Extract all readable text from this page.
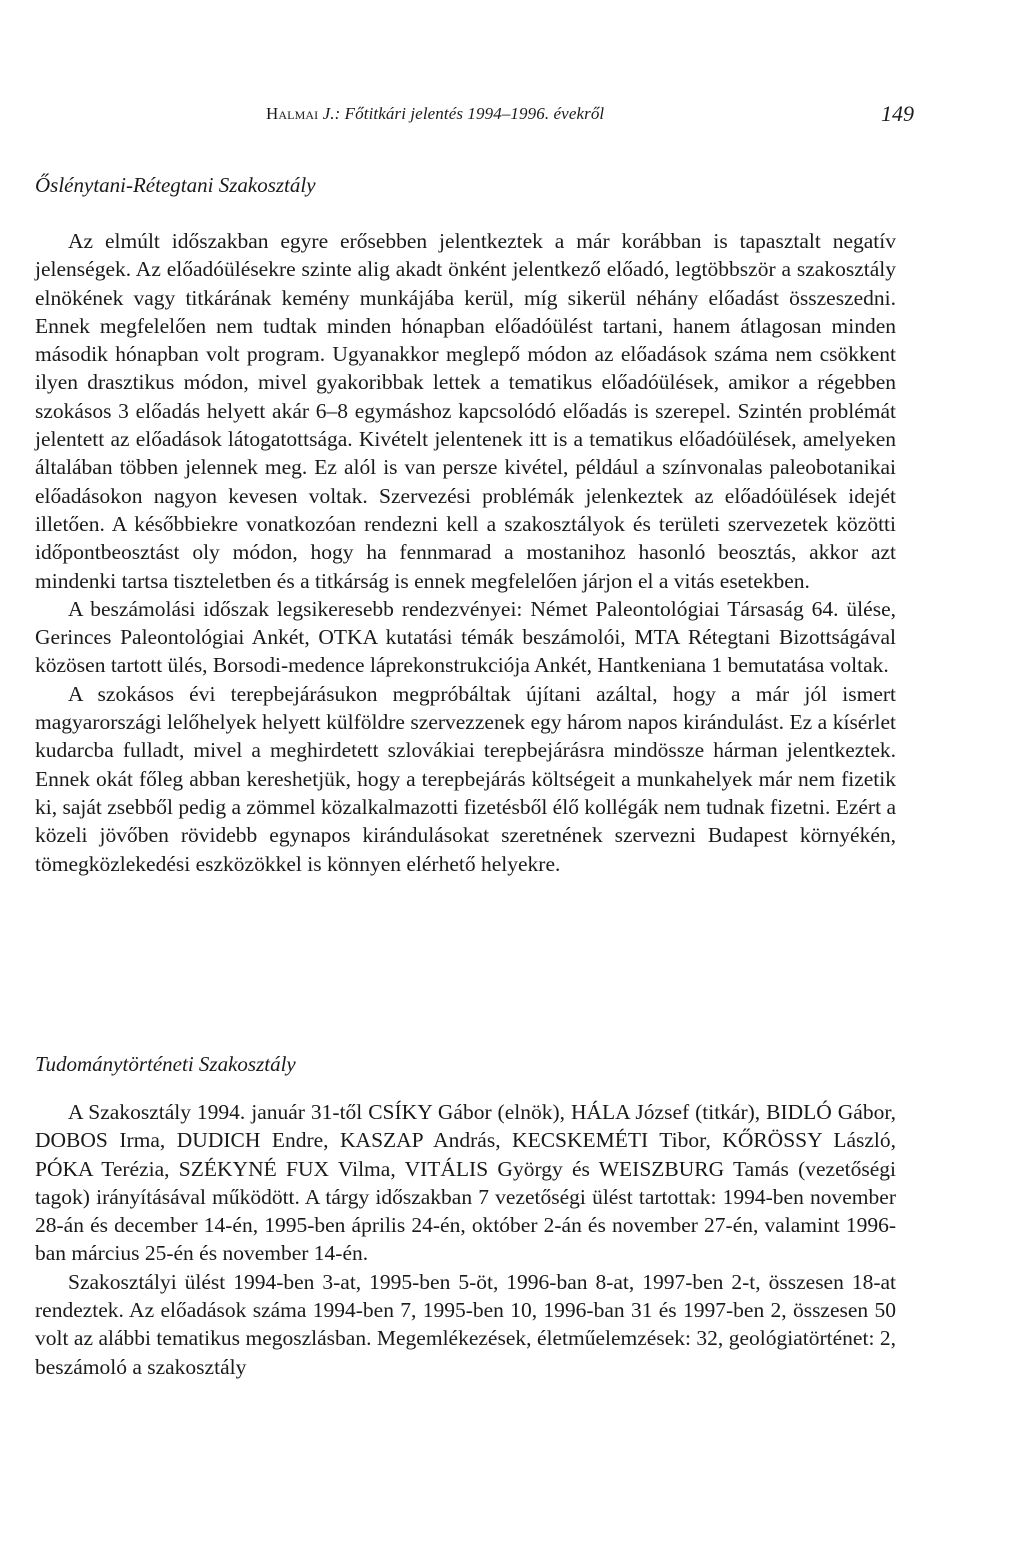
Halmai J.: Főtitkári jelentés 1994–1996. évekről	149
Őslénytani-Rétegtani Szakosztály

Az elmúlt időszakban egyre erősebben jelentkeztek a már korábban is tapasztalt negatív jelenségek. Az előadóülésekre szinte alig akadt önként jelentkező előadó, legtöbbször a szakosztály elnökének vagy titkárának kemény munkájába kerül, míg sikerül néhány előadást összeszedni. Ennek megfelelően nem tudtak minden hónapban előadóülést tartani, hanem átlagosan minden második hónapban volt program. Ugyanakkor meglepő módon az előadások száma nem csökkent ilyen drasztikus módon, mivel gyakoribbak lettek a tematikus előadóülések, amikor a régebben szokásos 3 előadás helyett akár 6–8 egymáshoz kapcsolódó előadás is szerepel. Szintén problémát jelentett az előadások látogatottsága. Kivételt jelentenek itt is a tematikus előadóülések, amelyeken általában többen jelennek meg. Ez alól is van persze kivétel, például a színvonalas paleobotanikai előadásokon nagyon kevesen voltak. Szervezési problémák jelenkeztek az előadóülések idejét illetően. A későbbiekre vonatkozóan rendezni kell a szakosztályok és területi szervezetek közötti időpontbeosztást oly módon, hogy ha fennmarad a mostanihoz hasonló beosztás, akkor azt mindenki tartsa tiszteletben és a titkárság is ennek megfelelően járjon el a vitás esetekben.

A beszámolási időszak legsikeresebb rendezvényei: Német Paleontológiai Társaság 64. ülése, Gerinces Paleontológiai Ankét, OTKA kutatási témák beszámolói, MTA Rétegtani Bizottságával közösen tartott ülés, Borsodi-medence láprekonstrukciója Ankét, Hantkeniana 1 bemutatása voltak.

A szokásos évi terepbejárásukon megpróbáltak újítani azáltal, hogy a már jól ismert magyarországi lelőhelyek helyett külföldre szervezzenek egy három napos kirándulást. Ez a kísérlet kudarcba fulladt, mivel a meghirdetett szlovákiai terepbejárásra mindössze hárman jelentkeztek. Ennek okát főleg abban kereshetjük, hogy a terepbejárás költségeit a munkahelyek már nem fizetik ki, saját zsebből pedig a zömmel közalkalmazotti fizetésből élő kollégák nem tudnak fizetni. Ezért a közeli jövőben rövidebb egynapos kirándulásokat szeretnének szervezni Budapest környékén, tömegközlekedési eszközökkel is könnyen elérhető helyekre.

Tudománytörténeti Szakosztály

A Szakosztály 1994. január 31-től CSÍKY Gábor (elnök), HÁLA József (titkár), BIDLÓ Gábor, DOBOS Irma, DUDICH Endre, KASZAP András, KECSKEMÉTI Tibor, KŐRÖSSY László, PÓKA Terézia, SZÉKYNÉ FUX Vilma, VITÁLIS György és WEISZBURG Tamás (vezetőségi tagok) irányításával működött. A tárgy időszakban 7 vezetőségi ülést tartottak: 1994-ben november 28-án és december 14-én, 1995-ben április 24-én, október 2-án és november 27-én, valamint 1996-ban március 25-én és november 14-én.

Szakosztályi ülést 1994-ben 3-at, 1995-ben 5-öt, 1996-ban 8-at, 1997-ben 2-t, összesen 18-at rendeztek. Az előadások száma 1994-ben 7, 1995-ben 10, 1996-ban 31 és 1997-ben 2, összesen 50 volt az alábbi tematikus megoszlásban. Megemlékezések, életműelemzések: 32, geológiatörténet: 2, beszámoló a szakosztály
